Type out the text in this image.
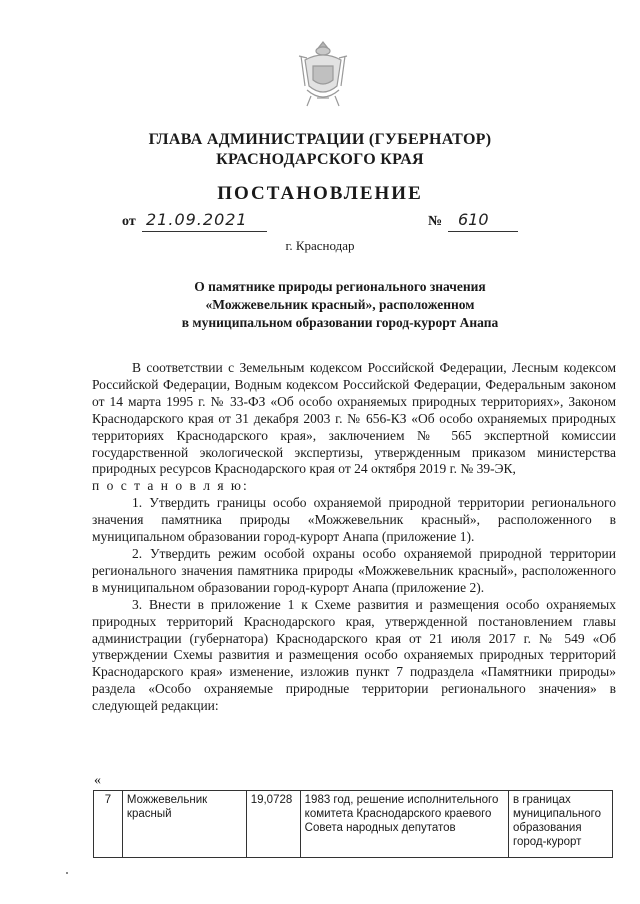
ГЛАВА АДМИНИСТРАЦИИ (ГУБЕРНАТОР)
КРАСНОДАРСКОГО КРАЯ
ПОСТАНОВЛЕНИЕ
от 21.09.2021	№ 610
г. Краснодар
О памятнике природы регионального значения
«Можжевельник красный», расположенном
в муниципальном образовании город-курорт Анапа

В соответствии с Земельным кодексом Российской Федерации, Лесным кодексом Российской Федерации, Водным кодексом Российской Федерации, Федеральным законом от 14 марта 1995 г. № 33-ФЗ «Об особо охраняемых природных территориях», Законом Краснодарского края от 31 декабря 2003 г. № 656-КЗ «Об особо охраняемых природных территориях Краснодарского края», заключением № 565 экспертной комиссии государственной экологической экспертизы, утвержденным приказом министерства природных ресурсов Краснодарского края от 24 октября 2019 г. № 39-ЭК,

п о с т а н о в л я ю:

1. Утвердить границы особо охраняемой природной территории регионального значения памятника природы «Можжевельник красный», расположенного в муниципальном образовании город-курорт Анапа (приложение 1).

2. Утвердить режим особой охраны особо охраняемой природной территории регионального значения памятника природы «Можжевельник красный», расположенного в муниципальном образовании город-курорт Анапа (приложение 2).

3. Внести в приложение 1 к Схеме развития и размещения особо охраняемых природных территорий Краснодарского края, утвержденной постановлением главы администрации (губернатора) Краснодарского края от 21 июля 2017 г. № 549 «Об утверждении Схемы развития и размещения особо охраняемых природных территорий Краснодарского края» изменение, изложив пункт 7 подраздела «Памятники природы» раздела «Особо охраняемые природные территории регионального значения» в следующей редакции:

«
7	Можжевельник красный	19,0728	1983 год, решение исполнительного комитета Краснодарского краевого Совета народных депутатов	в границах муниципального образования город-курорт
